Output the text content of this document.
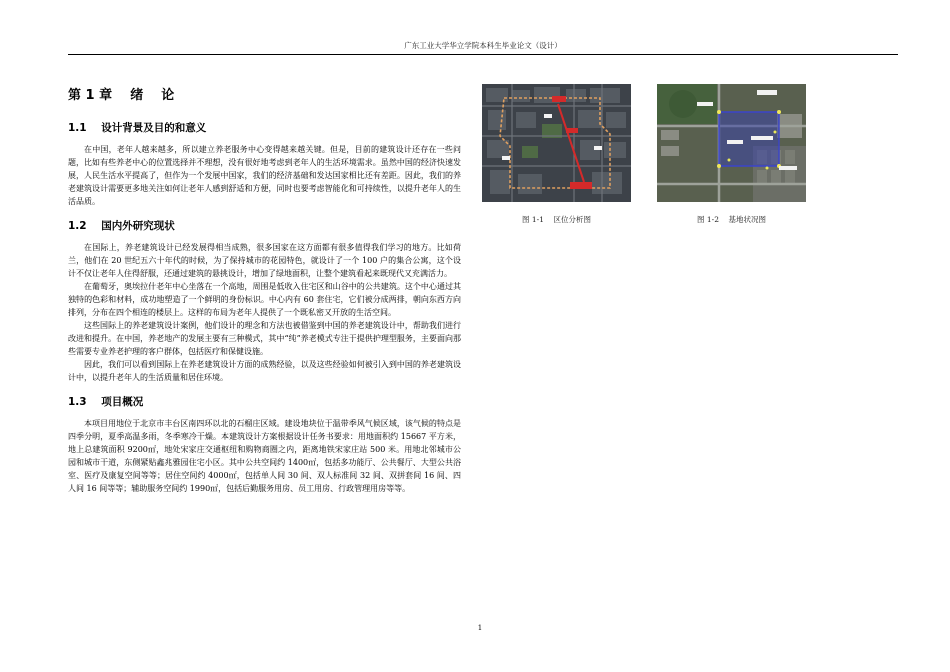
广东工业大学华立学院本科生毕业论文（设计）
第 1 章    绪    论
1.1    设计背景及目的和意义

在中国，老年人越来越多，所以建立养老服务中心变得越来越关键。但是，目前的建筑设计还存在一些问题，比如有些养老中心的位置选择并不理想，没有很好地考虑到老年人的生活环境需求。虽然中国的经济快速发展，人民生活水平提高了，但作为一个发展中国家，我们的经济基础和发达国家相比还有差距。因此，我们的养老建筑设计需要更多地关注如何让老年人感到舒适和方便，同时也要考虑智能化和可持续性，以提升老年人的生活品质。

1.2    国内外研究现状

在国际上，养老建筑设计已经发展得相当成熟，很多国家在这方面都有很多值得我们学习的地方。比如荷兰，他们在 20 世纪五六十年代的时候，为了保持城市的花园特色，就设计了一个 100 户的集合公寓，这个设计不仅让老年人住得舒服，还通过建筑的悬挑设计，增加了绿地面积，让整个建筑看起来既现代又充满活力。

在葡萄牙，奥埃拉什老年中心坐落在一个高地，周围是低收入住宅区和山谷中的公共建筑。这个中心通过其独特的色彩和材料，成功地塑造了一个鲜明的身份标识。中心内有 60 套住宅，它们被分成两排，朝向东西方向排列，分布在四个相连的楼层上。这样的布局为老年人提供了一个既私密又开放的生活空间。

这些国际上的养老建筑设计案例，他们设计的理念和方法也被借鉴到中国的养老建筑设计中，帮助我们进行改进和提升。在中国，养老地产的发展主要有三种模式，其中“纯”养老模式专注于提供护理型服务，主要面向那些需要专业养老护理的客户群体，包括医疗和保健设施。

因此，我们可以看到国际上在养老建筑设计方面的成熟经验，以及这些经验如何被引入到中国的养老建筑设计中，以提升老年人的生活质量和居住环境。

1.3    项目概况

本项目用地位于北京市丰台区南四环以北的石榴庄区域。建设地块位于温带季风气候区域，该气候的特点是四季分明，夏季高温多雨，冬季寒冷干燥。本建筑设计方案根据设计任务书要求：用地面积约 15667 平方米，地上总建筑面积 9200㎡，地处宋家庄交通枢纽和购物商圈之内，距离地铁宋家庄站 500 米。用地北邻城市公园和城市干道，东侧紧贴鑫兆雅园住宅小区。其中公共空间约 1400㎡，包括多功能厅、公共餐厅、大型公共浴室、医疗及康复空间等等；居住空间约 4000㎡，包括单人间 30 间、双人标准间 32 间、双拼套间 16 间、四人间 16 间等等；辅助服务空间约 1990㎡，包括后勤服务用房、员工用房、行政管理用房等等。

图 1-1    区位分析图	图 1-2    基地状况图
1
